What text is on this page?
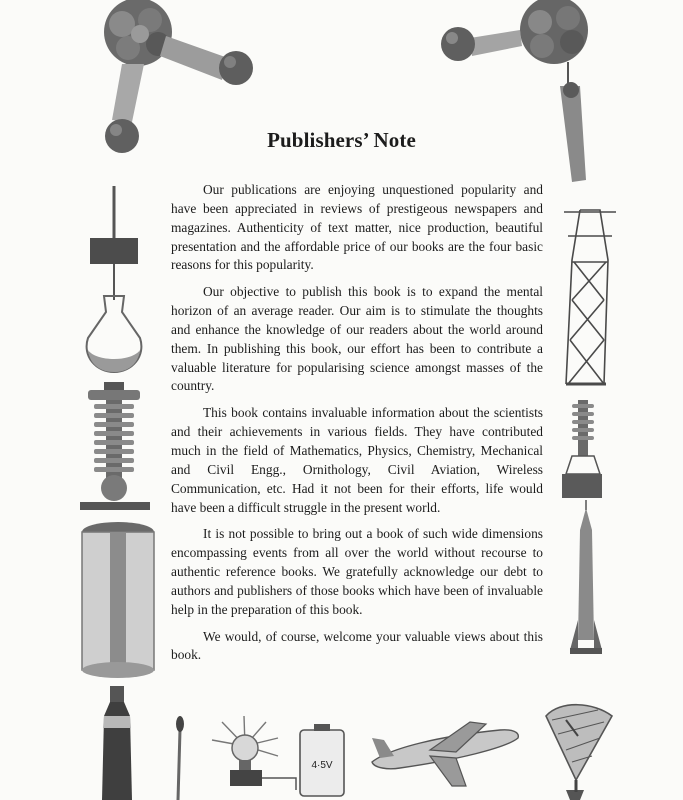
4·5V
Publishers’ Note

Our publications are enjoying unquestioned popularity and have been appreciated in reviews of prestigeous newspapers and magazines. Authenticity of text matter, nice production, beautiful presentation and the affordable price of our books are the four basic reasons for this popularity.

Our objective to publish this book is to expand the mental horizon of an average reader. Our aim is to stimulate the thoughts and enhance the knowledge of our readers about the world around them. In publishing this book, our effort has been to contribute a valuable literature for popularising science amongst masses of the country.

This book contains invaluable information about the scientists and their achievements in various fields. They have contributed much in the field of Mathematics, Physics, Chemistry, Mechanical and Civil Engg., Ornithology, Civil Aviation, Wireless Communication, etc. Had it not been for their efforts, life would have been a difficult struggle in the present world.

It is not possible to bring out a book of such wide dimensions encompassing events from all over the world without recourse to authentic reference books. We gratefully acknowledge our debt to authors and publishers of those books which have been of invaluable help in the preparation of this book.

We would, of course, welcome your valuable views about this book.
